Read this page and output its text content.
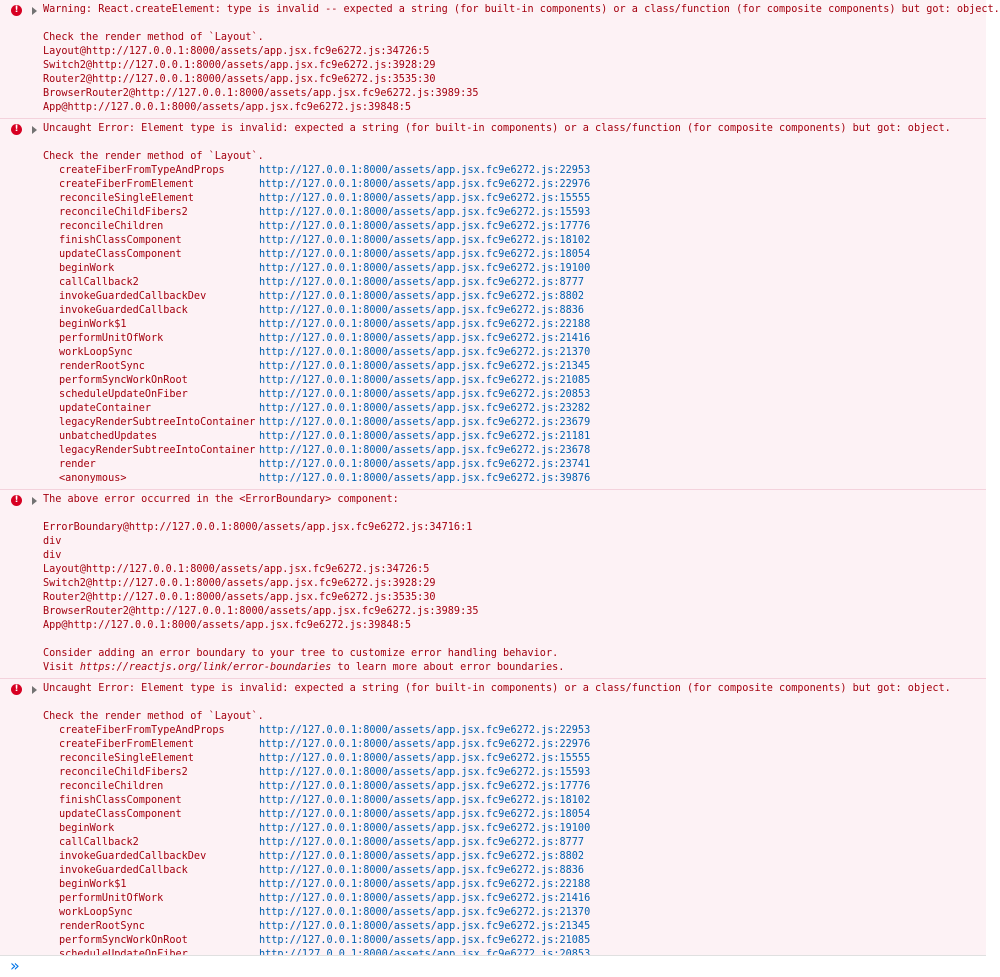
!	Warning: React.createElement: type is invalid -- expected a string (for built-in components) or a class/function (for composite components) but got: object.
Check the render method of `Layout`.
Layout@http://127.0.0.1:8000/assets/app.jsx.fc9e6272.js:34726:5
Switch2@http://127.0.0.1:8000/assets/app.jsx.fc9e6272.js:3928:29
Router2@http://127.0.0.1:8000/assets/app.jsx.fc9e6272.js:3535:30
BrowserRouter2@http://127.0.0.1:8000/assets/app.jsx.fc9e6272.js:3989:35
App@http://127.0.0.1:8000/assets/app.jsx.fc9e6272.js:39848:5
!	Uncaught Error: Element type is invalid: expected a string (for built-in components) or a class/function (for composite components) but got: object.
Check the render method of `Layout`.
createFiberFromTypeAndProps	http://127.0.0.1:8000/assets/app.jsx.fc9e6272.js:22953
createFiberFromElement	http://127.0.0.1:8000/assets/app.jsx.fc9e6272.js:22976
reconcileSingleElement	http://127.0.0.1:8000/assets/app.jsx.fc9e6272.js:15555
reconcileChildFibers2	http://127.0.0.1:8000/assets/app.jsx.fc9e6272.js:15593
reconcileChildren	http://127.0.0.1:8000/assets/app.jsx.fc9e6272.js:17776
finishClassComponent	http://127.0.0.1:8000/assets/app.jsx.fc9e6272.js:18102
updateClassComponent	http://127.0.0.1:8000/assets/app.jsx.fc9e6272.js:18054
beginWork	http://127.0.0.1:8000/assets/app.jsx.fc9e6272.js:19100
callCallback2	http://127.0.0.1:8000/assets/app.jsx.fc9e6272.js:8777
invokeGuardedCallbackDev	http://127.0.0.1:8000/assets/app.jsx.fc9e6272.js:8802
invokeGuardedCallback	http://127.0.0.1:8000/assets/app.jsx.fc9e6272.js:8836
beginWork$1	http://127.0.0.1:8000/assets/app.jsx.fc9e6272.js:22188
performUnitOfWork	http://127.0.0.1:8000/assets/app.jsx.fc9e6272.js:21416
workLoopSync	http://127.0.0.1:8000/assets/app.jsx.fc9e6272.js:21370
renderRootSync	http://127.0.0.1:8000/assets/app.jsx.fc9e6272.js:21345
performSyncWorkOnRoot	http://127.0.0.1:8000/assets/app.jsx.fc9e6272.js:21085
scheduleUpdateOnFiber	http://127.0.0.1:8000/assets/app.jsx.fc9e6272.js:20853
updateContainer	http://127.0.0.1:8000/assets/app.jsx.fc9e6272.js:23282
legacyRenderSubtreeIntoContainer http://127.0.0.1:8000/assets/app.jsx.fc9e6272.js:23679
unbatchedUpdates	http://127.0.0.1:8000/assets/app.jsx.fc9e6272.js:21181
legacyRenderSubtreeIntoContainer http://127.0.0.1:8000/assets/app.jsx.fc9e6272.js:23678
render	http://127.0.0.1:8000/assets/app.jsx.fc9e6272.js:23741
<anonymous>	http://127.0.0.1:8000/assets/app.jsx.fc9e6272.js:39876
!	The above error occurred in the <ErrorBoundary> component:
ErrorBoundary@http://127.0.0.1:8000/assets/app.jsx.fc9e6272.js:34716:1
div
div
Layout@http://127.0.0.1:8000/assets/app.jsx.fc9e6272.js:34726:5
Switch2@http://127.0.0.1:8000/assets/app.jsx.fc9e6272.js:3928:29
Router2@http://127.0.0.1:8000/assets/app.jsx.fc9e6272.js:3535:30
BrowserRouter2@http://127.0.0.1:8000/assets/app.jsx.fc9e6272.js:3989:35
App@http://127.0.0.1:8000/assets/app.jsx.fc9e6272.js:39848:5
Consider adding an error boundary to your tree to customize error handling behavior.
Visit https://reactjs.org/link/error-boundaries to learn more about error boundaries.
!	Uncaught Error: Element type is invalid: expected a string (for built-in components) or a class/function (for composite components) but got: object.
Check the render method of `Layout`.
createFiberFromTypeAndProps	http://127.0.0.1:8000/assets/app.jsx.fc9e6272.js:22953
createFiberFromElement	http://127.0.0.1:8000/assets/app.jsx.fc9e6272.js:22976
reconcileSingleElement	http://127.0.0.1:8000/assets/app.jsx.fc9e6272.js:15555
reconcileChildFibers2	http://127.0.0.1:8000/assets/app.jsx.fc9e6272.js:15593
reconcileChildren	http://127.0.0.1:8000/assets/app.jsx.fc9e6272.js:17776
finishClassComponent	http://127.0.0.1:8000/assets/app.jsx.fc9e6272.js:18102
updateClassComponent	http://127.0.0.1:8000/assets/app.jsx.fc9e6272.js:18054
beginWork	http://127.0.0.1:8000/assets/app.jsx.fc9e6272.js:19100
callCallback2	http://127.0.0.1:8000/assets/app.jsx.fc9e6272.js:8777
invokeGuardedCallbackDev	http://127.0.0.1:8000/assets/app.jsx.fc9e6272.js:8802
invokeGuardedCallback	http://127.0.0.1:8000/assets/app.jsx.fc9e6272.js:8836
beginWork$1	http://127.0.0.1:8000/assets/app.jsx.fc9e6272.js:22188
performUnitOfWork	http://127.0.0.1:8000/assets/app.jsx.fc9e6272.js:21416
workLoopSync	http://127.0.0.1:8000/assets/app.jsx.fc9e6272.js:21370
renderRootSync	http://127.0.0.1:8000/assets/app.jsx.fc9e6272.js:21345
performSyncWorkOnRoot	http://127.0.0.1:8000/assets/app.jsx.fc9e6272.js:21085
»
